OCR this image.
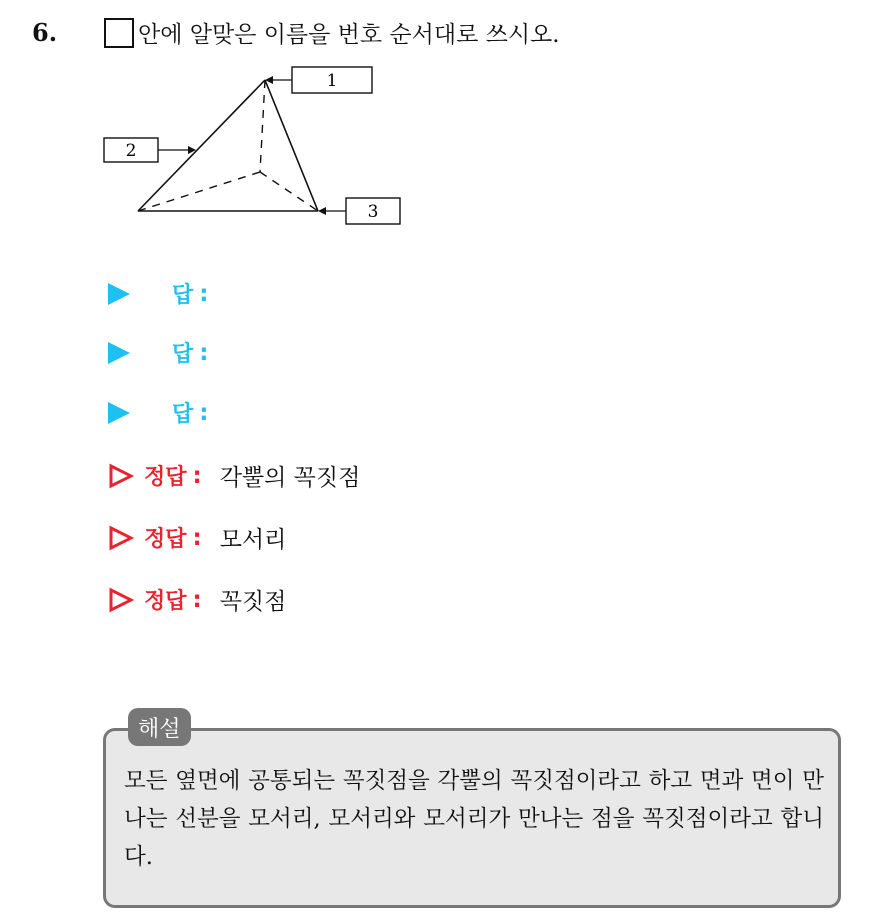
6.	안에 알맞은 이름을 번호 순서대로 쓰시오.
1
2
3
답 :
답 :
답 :
정답 : 각뿔의 꼭짓점
정답 : 모서리
정답 : 꼭짓점
해설
모든 옆면에 공통되는 꼭짓점을 각뿔의 꼭짓점이라고 하고 면과 면이 만나는 선분을 모서리, 모서리와 모서리가 만나는 점을 꼭짓점이라고 합니다.
